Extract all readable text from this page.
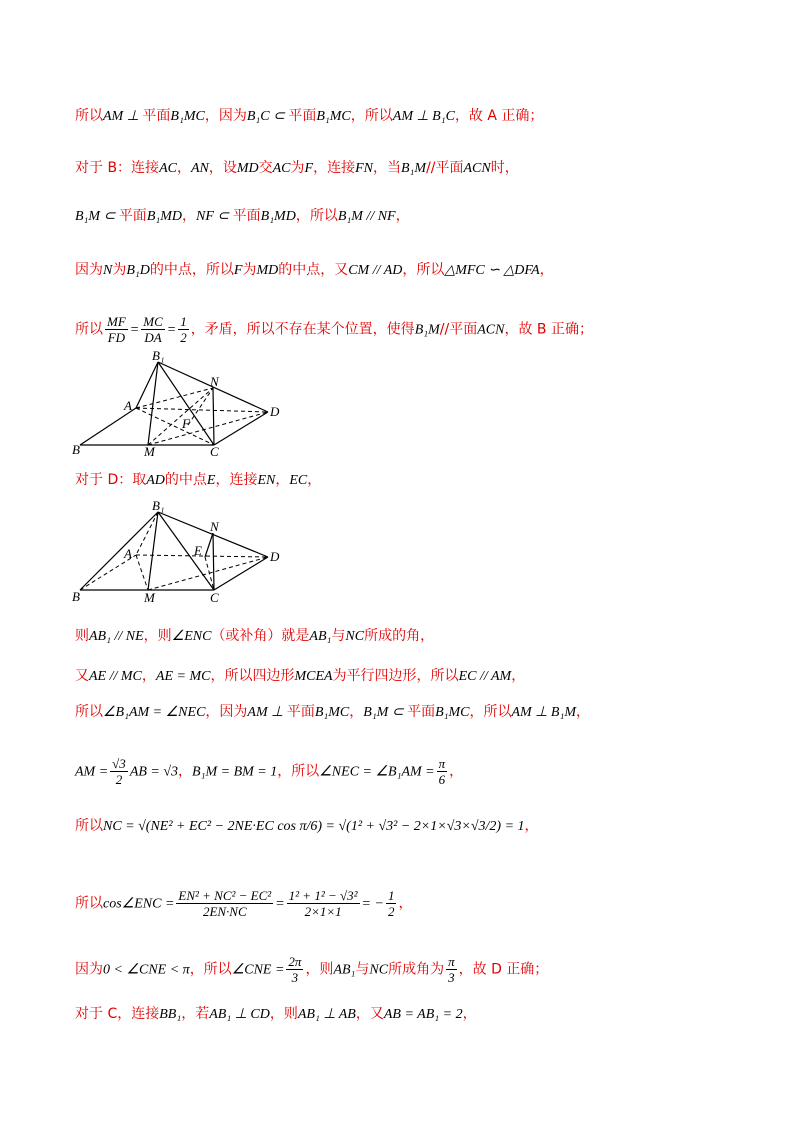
所以AM ⊥ 平面B₁MC，因为B₁C ⊂ 平面B₁MC，所以AM ⊥ B₁C，故 A 正确；
对于 B：连接AC，AN，设MD交AC为F，连接FN，当B₁M//平面ACN时，
B₁M ⊂ 平面B₁MD，NF ⊂ 平面B₁MD，所以B₁M // NF，
因为N为B₁D的中点，所以F为MD的中点，又CM // AD，所以△MFC ∽ △DFA，
所以 $\frac{MF}{FD} = \frac{MC}{DA} = \frac{1}{2}$ ，矛盾，所以不存在某个位置，使得B₁M//平面ACN，故 B 正确；
对于 D：取AD的中点E，连接EN，EC，
则AB₁ // NE，则∠ENC（或补角）就是AB₁与NC所成的角，
又AE // MC，AE = MC，所以四边形MCEA为平行四边形，所以EC // AM，
所以∠B₁AM = ∠NEC，因为AM ⊥ 平面B₁MC，B₁M ⊂ 平面B₁MC，所以AM ⊥ B₁M，
AM = $\frac{√3}{2}$ AB = √3，B₁M = BM = 1，所以∠NEC = ∠B₁AM = $\frac{\pi}{6}$ ，
所以NC = √(NE² + EC² − 2NE·EC cos π/6) = √(1² + √3² − 2×1×√3×√3/2) = 1，
所以cos∠ENC = $\frac{\text{EN² + NC² − EC²}}{2EN\cdot NC} = \frac{\text{1² + 1² − √3²}}{2\times 1\times 1}$ = − $\frac{1}{2}$ ，
因为0 < ∠CNE < π，所以∠CNE = $\frac{2\pi}{3}$ ，则AB₁与NC所成角为 $\frac{\pi}{3}$ ，故 D 正确；
对于 C，连接BB₁，若AB₁ ⊥ CD，则AB₁ ⊥ AB，又AB = AB₁ = 2，
B₁
N
A
F
D
B	M	C
B₁
N
A	E	D
B	M	C
